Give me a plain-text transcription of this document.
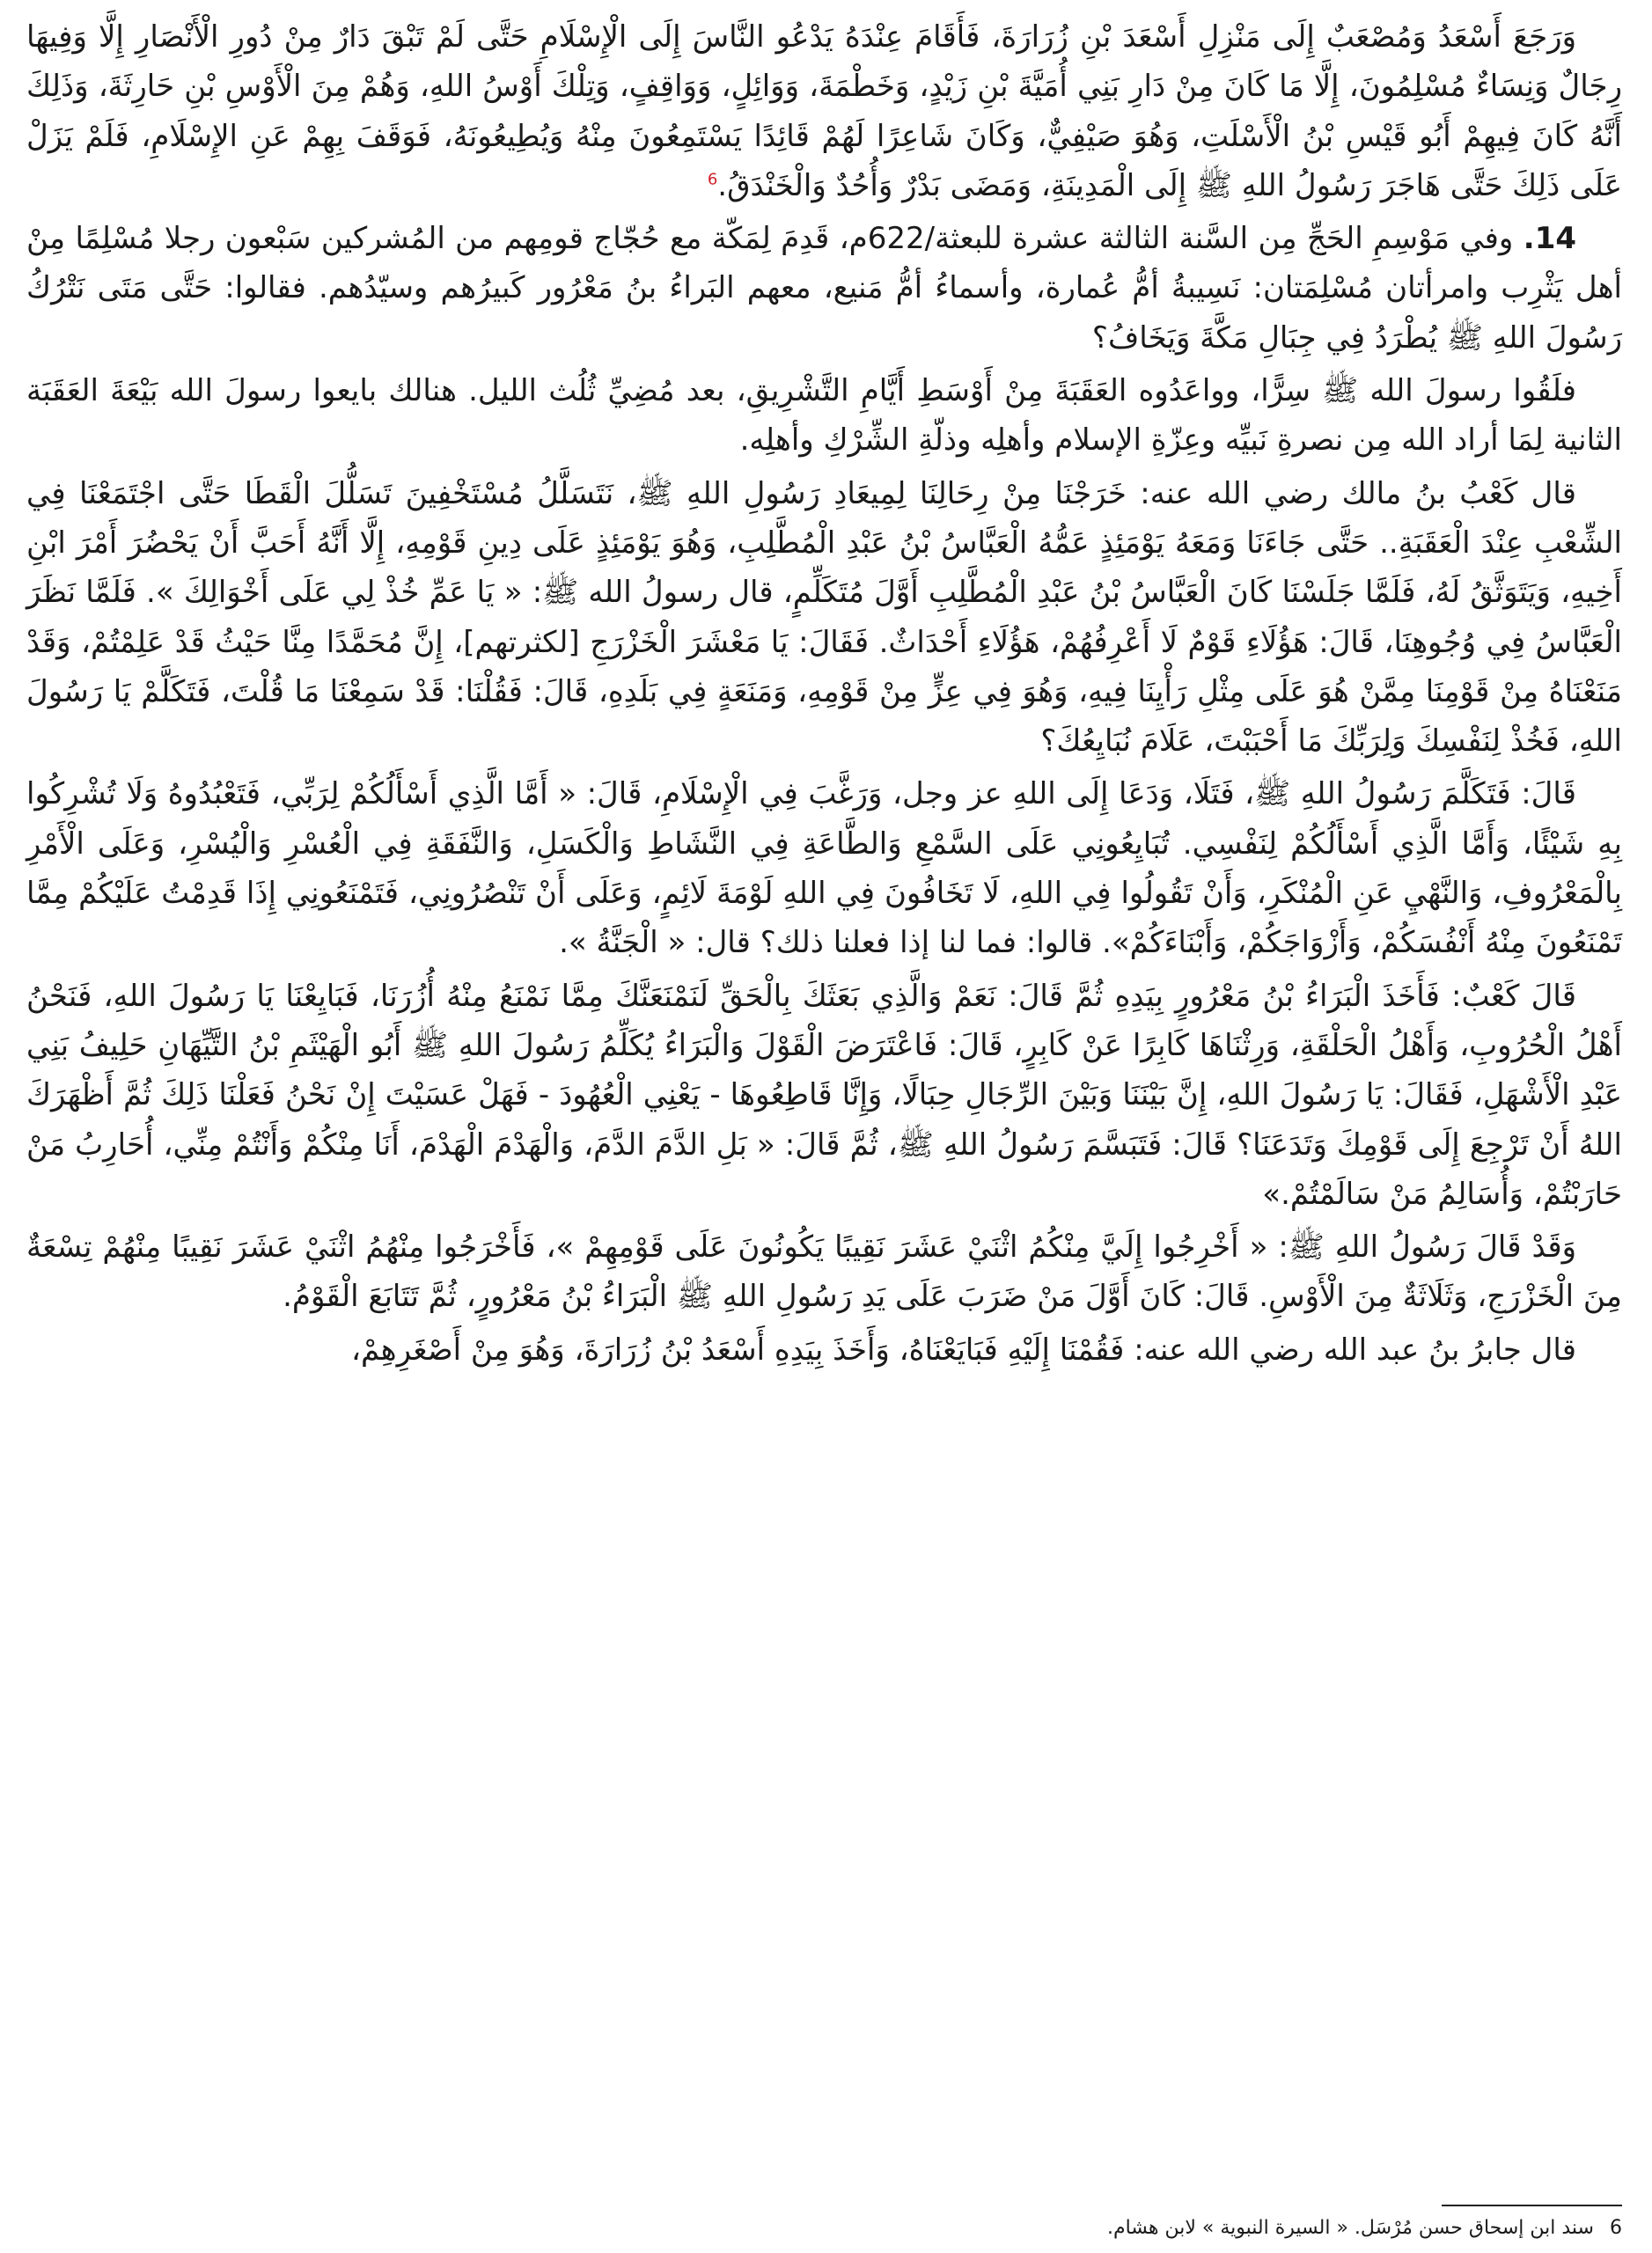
وَرَجَعَ أَسْعَدُ وَمُصْعَبٌ إِلَى مَنْزِلِ أَسْعَدَ بْنِ زُرَارَةَ، فَأَقَامَ عِنْدَهُ يَدْعُو النَّاسَ إِلَى الْإِسْلَامِ حَتَّى لَمْ تَبْقَ دَارٌ مِنْ دُورِ الْأَنْصَارِ إِلَّا وَفِيهَا رِجَالٌ وَنِسَاءٌ مُسْلِمُونَ، إِلَّا مَا كَانَ مِنْ دَارِ بَنِي أُمَيَّةَ بْنِ زَيْدٍ، وَخَطْمَةَ، وَوَائِلٍ، وَوَاقِفٍ، وَتِلْكَ أَوْسُ اللهِ، وَهُمْ مِنَ الْأَوْسِ بْنِ حَارِثَةَ، وَذَلِكَ أَنَّهُ كَانَ فِيهِمْ أَبُو قَيْسِ بْنُ الْأَسْلَتِ، وَهُوَ صَيْفِيٌّ، وَكَانَ شَاعِرًا لَهُمْ قَائِدًا يَسْتَمِعُونَ مِنْهُ وَيُطِيعُونَهُ، فَوَقَفَ بِهِمْ عَنِ الإِسْلَامِ، فَلَمْ يَزَلْ عَلَى ذَلِكَ حَتَّى هَاجَرَ رَسُولُ اللهِ ﷺ إِلَى الْمَدِينَةِ، وَمَضَى بَدْرٌ وَأُحُدٌ وَالْخَنْدَقُ.$^6$

14. وفي مَوْسِمِ الحَجِّ مِن السَّنة الثالثة عشرة للبعثة/622م، قَدِمَ لِمَكّة مع حُجّاج قومِهم من المُشركين سَبْعون رجلا مُسْلِمًا مِنْ أهل يَثْرِب وامرأتان مُسْلِمَتان: نَسِيبةُ أمُّ عُمارة، وأسماءُ أمُّ مَنيع، معهم البَراءُ بنُ مَعْرُور كَبيرُهم وسيّدُهم. فقالوا: حَتَّى مَتَى نَتْرُكُ رَسُولَ اللهِ ﷺ يُطْرَدُ فِي جِبَالِ مَكَّةَ وَيَخَافُ؟

فلَقُوا رسولَ الله ﷺ سِرًّا، وواعَدُوه العَقَبَةَ مِنْ أَوْسَطِ أَيَّامِ التَّشْرِيقِ، بعد مُضِيِّ ثُلُث الليل. هنالك بايعوا رسولَ الله بَيْعَةَ العَقَبَة الثانية لِمَا أراد الله مِن نصرةِ نَبيِّه وعِزّةِ الإسلام وأهلِه وذلّةِ الشِّرْكِ وأهلِه.

قال كَعْبُ بنُ مالك رضي الله عنه: خَرَجْنَا مِنْ رِحَالِنَا لِمِيعَادِ رَسُولِ اللهِ ﷺ، نَتَسَلَّلُ مُسْتَخْفِينَ تَسَلُّلَ الْقَطَا حَتَّى اجْتَمَعْنَا فِي الشِّعْبِ عِنْدَ الْعَقَبَةِ.. حَتَّى جَاءَنَا وَمَعَهُ يَوْمَئِذٍ عَمُّهُ الْعَبَّاسُ بْنُ عَبْدِ الْمُطَّلِبِ، وَهُوَ يَوْمَئِذٍ عَلَى دِينِ قَوْمِهِ، إِلَّا أَنَّهُ أَحَبَّ أَنْ يَحْضُرَ أَمْرَ ابْنِ أَخِيهِ، وَيَتَوَثَّقُ لَهُ، فَلَمَّا جَلَسْنَا كَانَ الْعَبَّاسُ بْنُ عَبْدِ الْمُطَّلِبِ أَوَّلَ مُتَكَلِّمٍ، قال رسولُ الله ﷺ: « يَا عَمِّ خُذْ لِي عَلَى أَخْوَالِكَ ». فَلَمَّا نَظَرَ الْعَبَّاسُ فِي وُجُوهِنَا، قَالَ: هَؤُلَاءِ قَوْمٌ لَا أَعْرِفُهُمْ، هَؤُلَاءِ أَحْدَاثٌ. فَقَالَ: يَا مَعْشَرَ الْخَزْرَجِ [لكثرتهم]، إِنَّ مُحَمَّدًا مِنَّا حَيْثُ قَدْ عَلِمْتُمْ، وَقَدْ مَنَعْنَاهُ مِنْ قَوْمِنَا مِمَّنْ هُوَ عَلَى مِثْلِ رَأْيِنَا فِيهِ، وَهُوَ فِي عِزٍّ مِنْ قَوْمِهِ، وَمَنَعَةٍ فِي بَلَدِهِ، قَالَ: فَقُلْنَا: قَدْ سَمِعْنَا مَا قُلْتَ، فَتَكَلَّمْ يَا رَسُولَ اللهِ، فَخُذْ لِنَفْسِكَ وَلِرَبِّكَ مَا أَحْبَبْتَ، عَلَامَ نُبَايِعُكَ؟

قَالَ: فَتَكَلَّمَ رَسُولُ اللهِ ﷺ، فَتَلَا، وَدَعَا إِلَى اللهِ عز وجل، وَرَغَّبَ فِي الْإِسْلَامِ، قَالَ: « أَمَّا الَّذِي أَسْأَلُكُمْ لِرَبِّي، فَتَعْبُدُوهُ وَلَا تُشْرِكُوا بِهِ شَيْئًا، وَأَمَّا الَّذِي أَسْأَلُكُمْ لِنَفْسِي. تُبَايِعُونِي عَلَى السَّمْعِ وَالطَّاعَةِ فِي النَّشَاطِ وَالْكَسَلِ، وَالنَّفَقَةِ فِي الْعُسْرِ وَالْيُسْرِ، وَعَلَى الْأَمْرِ بِالْمَعْرُوفِ، وَالنَّهْيِ عَنِ الْمُنْكَرِ، وَأَنْ تَقُولُوا فِي اللهِ، لَا تَخَافُونَ فِي اللهِ لَوْمَةَ لَائِمٍ، وَعَلَى أَنْ تَنْصُرُونِي، فَتَمْنَعُونِي إِذَا قَدِمْتُ عَلَيْكُمْ مِمَّا تَمْنَعُونَ مِنْهُ أَنْفُسَكُمْ، وَأَزْوَاجَكُمْ، وَأَبْنَاءَكُمْ». قالوا: فما لنا إذا فعلنا ذلك؟ قال: « الْجَنَّةُ ».

قَالَ كَعْبٌ: فَأَخَذَ الْبَرَاءُ بْنُ مَعْرُورٍ بِيَدِهِ ثُمَّ قَالَ: نَعَمْ وَالَّذِي بَعَثَكَ بِالْحَقِّ لَنَمْنَعَنَّكَ مِمَّا نَمْنَعُ مِنْهُ أُزُرَنَا، فَبَايِعْنَا يَا رَسُولَ اللهِ، فَنَحْنُ أَهْلُ الْحُرُوبِ، وَأَهْلُ الْحَلْقَةِ، وَرِثْنَاهَا كَابِرًا عَنْ كَابِرٍ، قَالَ: فَاعْتَرَضَ الْقَوْلَ وَالْبَرَاءُ يُكَلِّمُ رَسُولَ اللهِ ﷺ أَبُو الْهَيْثَمِ بْنُ التَّيِّهَانِ حَلِيفُ بَنِي عَبْدِ الْأَشْهَلِ، فَقَالَ: يَا رَسُولَ اللهِ، إِنَّ بَيْنَنَا وَبَيْنَ الرِّجَالِ حِبَالًا، وَإِنَّا قَاطِعُوهَا - يَعْنِي الْعُهُودَ - فَهَلْ عَسَيْتَ إِنْ نَحْنُ فَعَلْنَا ذَلِكَ ثُمَّ أَظْهَرَكَ اللهُ أَنْ تَرْجِعَ إِلَى قَوْمِكَ وَتَدَعَنَا؟ قَالَ: فَتَبَسَّمَ رَسُولُ اللهِ ﷺ، ثُمَّ قَالَ: « بَلِ الدَّمَ الدَّمَ، وَالْهَدْمَ الْهَدْمَ، أَنَا مِنْكُمْ وَأَنْتُمْ مِنِّي، أُحَارِبُ مَنْ حَارَبْتُمْ، وَأُسَالِمُ مَنْ سَالَمْتُمْ.»

وَقَدْ قَالَ رَسُولُ اللهِ ﷺ: « أَخْرِجُوا إِلَيَّ مِنْكُمُ اثْنَيْ عَشَرَ نَقِيبًا يَكُونُونَ عَلَى قَوْمِهِمْ »، فَأَخْرَجُوا مِنْهُمُ اثْنَيْ عَشَرَ نَقِيبًا مِنْهُمْ تِسْعَةٌ مِنَ الْخَزْرَجِ، وَثَلَاثَةٌ مِنَ الْأَوْسِ. قَالَ: كَانَ أَوَّلَ مَنْ ضَرَبَ عَلَى يَدِ رَسُولِ اللهِ ﷺ الْبَرَاءُ بْنُ مَعْرُورٍ، ثُمَّ تَتَابَعَ الْقَوْمُ.

قال جابرُ بنُ عبد الله رضي الله عنه: فَقُمْنَا إِلَيْهِ فَبَايَعْنَاهُ، وَأَخَذَ بِيَدِهِ أَسْعَدُ بْنُ زُرَارَةَ، وَهُوَ مِنْ أَصْغَرِهِمْ،

6سند ابن إسحاق حسن مُرْسَل. « السيرة النبوية » لابن هشام.
